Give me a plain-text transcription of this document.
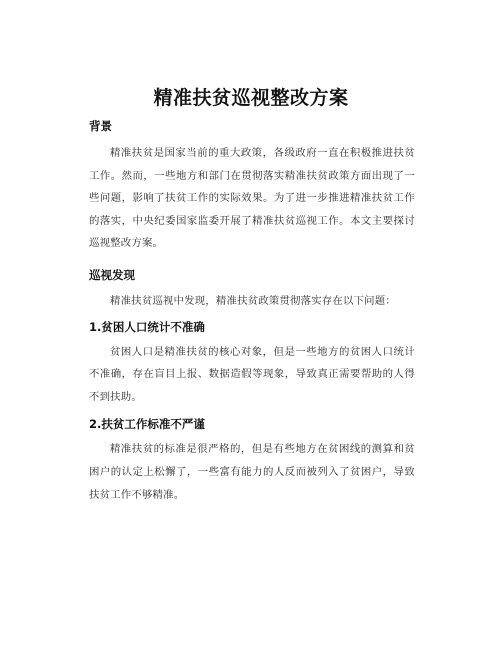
精准扶贫巡视整改方案
背景
精准扶贫是国家当前的重大政策，各级政府一直在积极推进扶贫工作。然而，一些地方和部门在贯彻落实精准扶贫政策方面出现了一些问题，影响了扶贫工作的实际效果。为了进一步推进精准扶贫工作的落实，中央纪委国家监委开展了精准扶贫巡视工作。本文主要探讨巡视整改方案。
巡视发现
精准扶贫巡视中发现，精准扶贫政策贯彻落实存在以下问题：
1.贫困人口统计不准确
贫困人口是精准扶贫的核心对象，但是一些地方的贫困人口统计不准确，存在盲目上报、数据造假等现象，导致真正需要帮助的人得不到扶助。
2.扶贫工作标准不严谨
精准扶贫的标准是很严格的，但是有些地方在贫困线的测算和贫困户的认定上松懈了，一些富有能力的人反而被列入了贫困户，导致扶贫工作不够精准。
